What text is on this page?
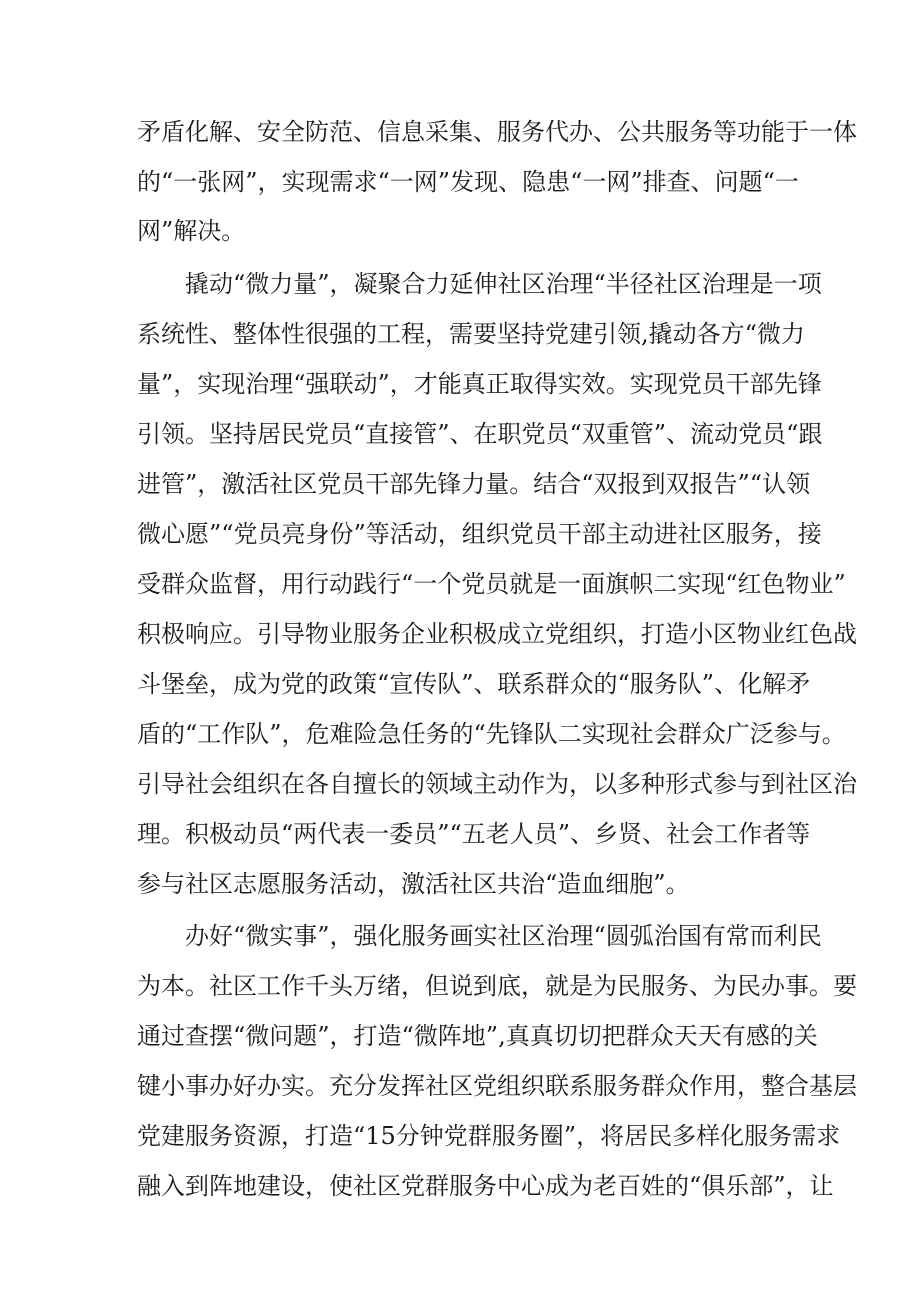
矛盾化解、安全防范、信息采集、服务代办、公共服务等功能于一体
的“一张网”，实现需求“一网”发现、隐患“一网”排查、问题“一
网”解决。
撬动“微力量”，凝聚合力延伸社区治理“半径社区治理是一项
系统性、整体性很强的工程，需要坚持党建引领,撬动各方“微力
量”，实现治理“强联动”，才能真正取得实效。实现党员干部先锋
引领。坚持居民党员“直接管”、在职党员“双重管”、流动党员“跟
进管”，激活社区党员干部先锋力量。结合“双报到双报告”“认领
微心愿”“党员亮身份”等活动，组织党员干部主动进社区服务，接
受群众监督，用行动践行“一个党员就是一面旗帜二实现“红色物业”
积极响应。引导物业服务企业积极成立党组织，打造小区物业红色战
斗堡垒，成为党的政策“宣传队”、联系群众的“服务队”、化解矛
盾的“工作队”，危难险急任务的“先锋队二实现社会群众广泛参与。
引导社会组织在各自擅长的领域主动作为，以多种形式参与到社区治
理。积极动员“两代表一委员”“五老人员”、乡贤、社会工作者等
参与社区志愿服务活动，激活社区共治“造血细胞”。
办好“微实事”，强化服务画实社区治理“圆弧治国有常而利民
为本。社区工作千头万绪，但说到底，就是为民服务、为民办事。要
通过查摆“微问题”，打造“微阵地”,真真切切把群众天天有感的关
键小事办好办实。充分发挥社区党组织联系服务群众作用，整合基层
党建服务资源，打造“15分钟党群服务圈”，将居民多样化服务需求
融入到阵地建设，使社区党群服务中心成为老百姓的“俱乐部”，让
